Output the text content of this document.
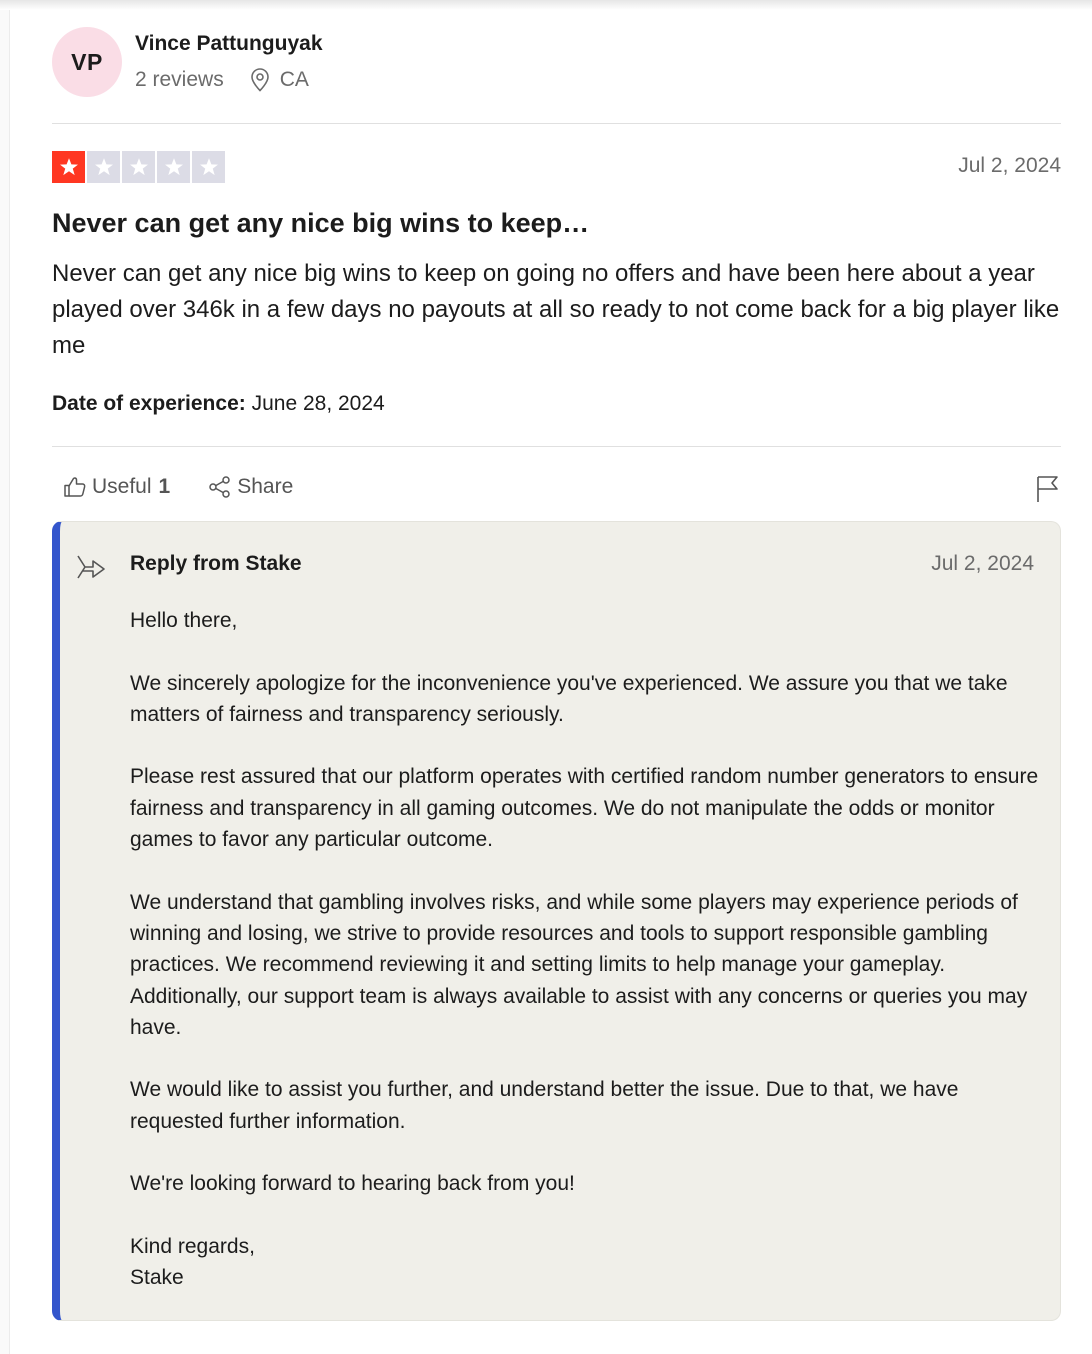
VP
Vince Pattunguyak
2 reviews	CA
Jul 2, 2024
Never can get any nice big wins to keep…

Never can get any nice big wins to keep on going no offers and have been here about a year played over 346k in a few days no payouts at all so ready to not come back for a big player like me

Date of experience: June 28, 2024
Useful 1	Share
Reply from Stake	Jul 2, 2024

Hello there,

We sincerely apologize for the inconvenience you've experienced. We assure you that we take matters of fairness and transparency seriously.

Please rest assured that our platform operates with certified random number generators to ensure fairness and transparency in all gaming outcomes. We do not manipulate the odds or monitor games to favor any particular outcome.

We understand that gambling involves risks, and while some players may experience periods of winning and losing, we strive to provide resources and tools to support responsible gambling practices. We recommend reviewing it and setting limits to help manage your gameplay. Additionally, our support team is always available to assist with any concerns or queries you may have.

We would like to assist you further, and understand better the issue. Due to that, we have requested further information.

We're looking forward to hearing back from you!

Kind regards,

Stake
